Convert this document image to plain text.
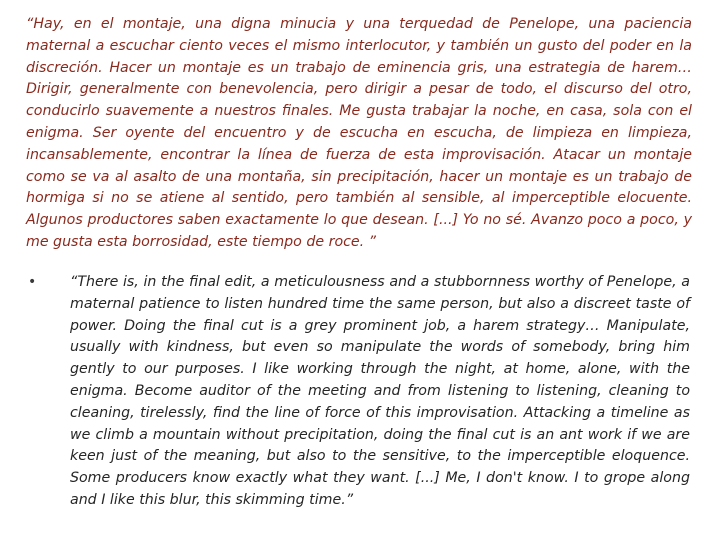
“Hay, en el montaje, una digna minucia y una terquedad de Penelope, una paciencia maternal a escuchar ciento veces el mismo interlocutor, y también un gusto del poder en la discreción. Hacer un montaje es un trabajo de eminencia gris, una estrategia de harem… Dirigir, generalmente con benevolencia, pero dirigir a pesar de todo, el discurso del otro, conducirlo suavemente a nuestros finales. Me gusta trabajar la noche, en casa, sola con el enigma. Ser oyente del encuentro y de escucha en escucha, de limpieza en limpieza, incansablemente, encontrar la línea de fuerza de esta improvisación. Atacar un montaje como se va al asalto de una montaña, sin precipitación, hacer un montaje es un trabajo de hormiga si no se atiene al sentido, pero también al sensible, al imperceptible elocuente. Algunos productores saben exactamente lo que desean. [...] Yo no sé. Avanzo poco a poco, y me gusta esta borrosidad, este tiempo de roce. ”

• “There is, in the final edit, a meticulousness and a stubbornness worthy of Penelope, a maternal patience to listen hundred time the same person, but also a discreet taste of power. Doing the final cut is a grey prominent job, a harem strategy… Manipulate, usually with kindness, but even so manipulate the words of somebody, bring him gently to our purposes. I like working through the night, at home, alone, with the enigma. Become auditor of the meeting and from listening to listening, cleaning to cleaning, tirelessly, find the line of force of this improvisation. Attacking a timeline as we climb a mountain without precipitation, doing the final cut is an ant work if we are keen just of the meaning, but also to the sensitive, to the imperceptible eloquence. Some producers know exactly what they want. [...] Me, I don't know. I to grope along and I like this blur, this skimming time.”
